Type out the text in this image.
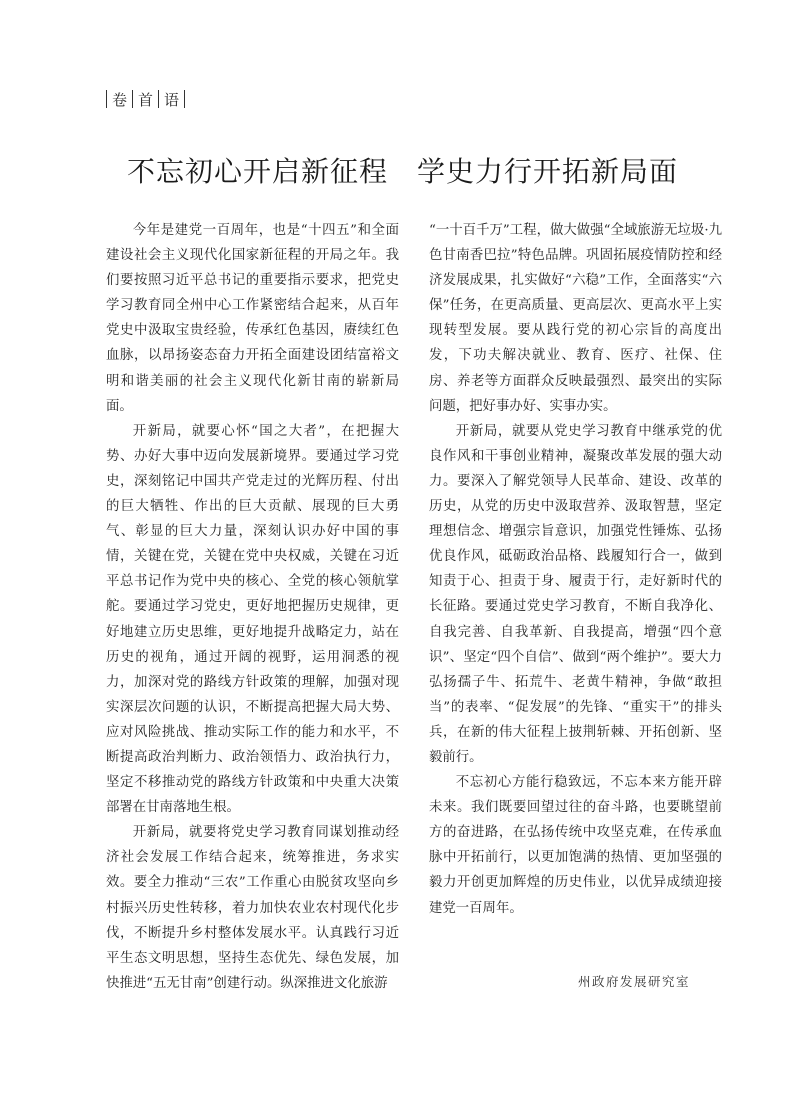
卷 首 语
不忘初心开启新征程　学史力行开拓新局面

今年是建党一百周年，也是“十四五”和全面建设社会主义现代化国家新征程的开局之年。我们要按照习近平总书记的重要指示要求，把党史学习教育同全州中心工作紧密结合起来，从百年党史中汲取宝贵经验，传承红色基因，赓续红色血脉，以昂扬姿态奋力开拓全面建设团结富裕文明和谐美丽的社会主义现代化新甘南的崭新局面。

开新局，就要心怀“国之大者”，在把握大势、办好大事中迈向发展新境界。要通过学习党史，深刻铭记中国共产党走过的光辉历程、付出的巨大牺牲、作出的巨大贡献、展现的巨大勇气、彰显的巨大力量，深刻认识办好中国的事情，关键在党，关键在党中央权威，关键在习近平总书记作为党中央的核心、全党的核心领航掌舵。要通过学习党史，更好地把握历史规律，更好地建立历史思维，更好地提升战略定力，站在历史的视角，通过开阔的视野，运用洞悉的视力，加深对党的路线方针政策的理解，加强对现实深层次问题的认识，不断提高把握大局大势、应对风险挑战、推动实际工作的能力和水平，不断提高政治判断力、政治领悟力、政治执行力，坚定不移推动党的路线方针政策和中央重大决策部署在甘南落地生根。

开新局，就要将党史学习教育同谋划推动经济社会发展工作结合起来，统筹推进，务求实效。要全力推动“三农”工作重心由脱贫攻坚向乡村振兴历史性转移，着力加快农业农村现代化步伐，不断提升乡村整体发展水平。认真践行习近平生态文明思想，坚持生态优先、绿色发展，加快推进“五无甘南”创建行动。纵深推进文化旅游

“一十百千万”工程，做大做强“全域旅游无垃圾·九色甘南香巴拉”特色品牌。巩固拓展疫情防控和经济发展成果，扎实做好“六稳”工作，全面落实“六保”任务，在更高质量、更高层次、更高水平上实现转型发展。要从践行党的初心宗旨的高度出发，下功夫解决就业、教育、医疗、社保、住房、养老等方面群众反映最强烈、最突出的实际问题，把好事办好、实事办实。

开新局，就要从党史学习教育中继承党的优良作风和干事创业精神，凝聚改革发展的强大动力。要深入了解党领导人民革命、建设、改革的历史，从党的历史中汲取营养、汲取智慧，坚定理想信念、增强宗旨意识，加强党性锤炼、弘扬优良作风，砥砺政治品格、践履知行合一，做到知责于心、担责于身、履责于行，走好新时代的长征路。要通过党史学习教育，不断自我净化、自我完善、自我革新、自我提高，增强“四个意识”、坚定“四个自信”、做到“两个维护”。要大力弘扬孺子牛、拓荒牛、老黄牛精神，争做“敢担当”的表率、“促发展”的先锋、“重实干”的排头兵，在新的伟大征程上披荆斩棘、开拓创新、坚毅前行。

不忘初心方能行稳致远，不忘本来方能开辟未来。我们既要回望过往的奋斗路，也要眺望前方的奋进路，在弘扬传统中攻坚克难，在传承血脉中开拓前行，以更加饱满的热情、更加坚强的毅力开创更加辉煌的历史伟业，以优异成绩迎接建党一百周年。

州政府发展研究室
